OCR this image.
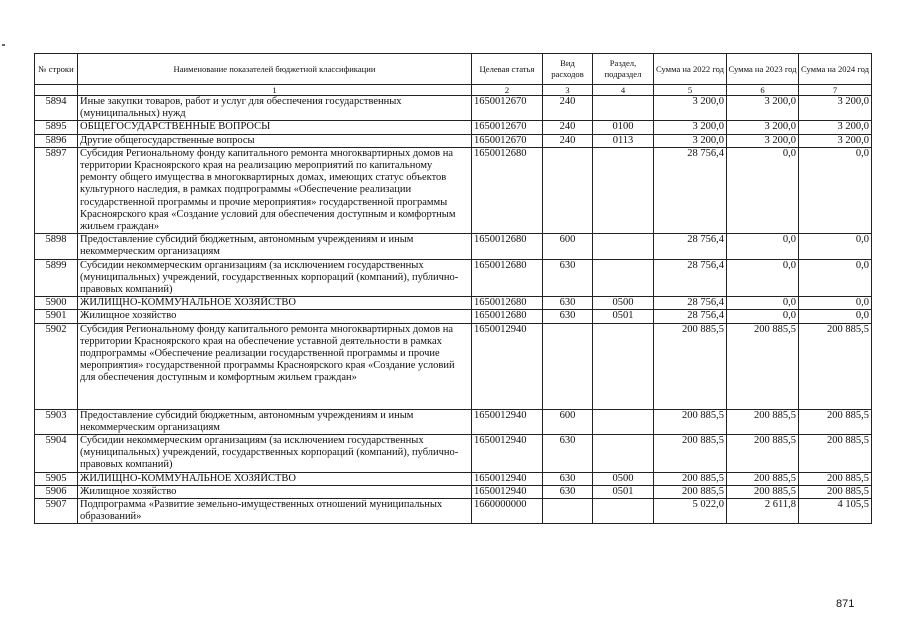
№ строки	Наименование показателей бюджетной классификации	Целевая статья	Вид расходов	Раздел, подраздел	Сумма на 2022 год	Сумма на 2023 год	Сумма на 2024 год
	1	2	3	4	5	6	7
5894	Иные закупки товаров, работ и услуг для обеспечения государственных (муниципальных) нужд	1650012670	240		3 200,0	3 200,0	3 200,0
5895	ОБЩЕГОСУДАРСТВЕННЫЕ ВОПРОСЫ	1650012670	240	0100	3 200,0	3 200,0	3 200,0
5896	Другие общегосударственные вопросы	1650012670	240	0113	3 200,0	3 200,0	3 200,0
5897	Субсидия Региональному фонду капитального ремонта многоквартирных домов на территории Красноярского края на реализацию мероприятий по капитальному ремонту общего имущества в многоквартирных домах, имеющих статус объектов культурного наследия, в рамках подпрограммы «Обеспечение реализации государственной программы и прочие мероприятия» государственной программы Красноярского края «Создание условий для обеспечения доступным и комфортным жильем граждан»	1650012680			28 756,4	0,0	0,0
5898	Предоставление субсидий бюджетным, автономным учреждениям и иным некоммерческим организациям	1650012680	600		28 756,4	0,0	0,0
5899	Субсидии некоммерческим организациям (за исключением государственных (муниципальных) учреждений, государственных корпораций (компаний), публично-правовых компаний)	1650012680	630		28 756,4	0,0	0,0
5900	ЖИЛИЩНО-КОММУНАЛЬНОЕ ХОЗЯЙСТВО	1650012680	630	0500	28 756,4	0,0	0,0
5901	Жилищное хозяйство	1650012680	630	0501	28 756,4	0,0	0,0
5902	Субсидия Региональному фонду капитального ремонта многоквартирных домов на территории Красноярского края на обеспечение уставной деятельности в рамках подпрограммы «Обеспечение реализации государственной программы и прочие мероприятия» государственной программы Красноярского края «Создание условий для обеспечения доступным и комфортным жильем граждан»	1650012940			200 885,5	200 885,5	200 885,5
5903	Предоставление субсидий бюджетным, автономным учреждениям и иным некоммерческим организациям	1650012940	600		200 885,5	200 885,5	200 885,5
5904	Субсидии некоммерческим организациям (за исключением государственных (муниципальных) учреждений, государственных корпораций (компаний), публично-правовых компаний)	1650012940	630		200 885,5	200 885,5	200 885,5
5905	ЖИЛИЩНО-КОММУНАЛЬНОЕ ХОЗЯЙСТВО	1650012940	630	0500	200 885,5	200 885,5	200 885,5
5906	Жилищное хозяйство	1650012940	630	0501	200 885,5	200 885,5	200 885,5
5907	Подпрограмма «Развитие земельно-имущественных отношений муниципальных образований»	1660000000			5 022,0	2 611,8	4 105,5
871
